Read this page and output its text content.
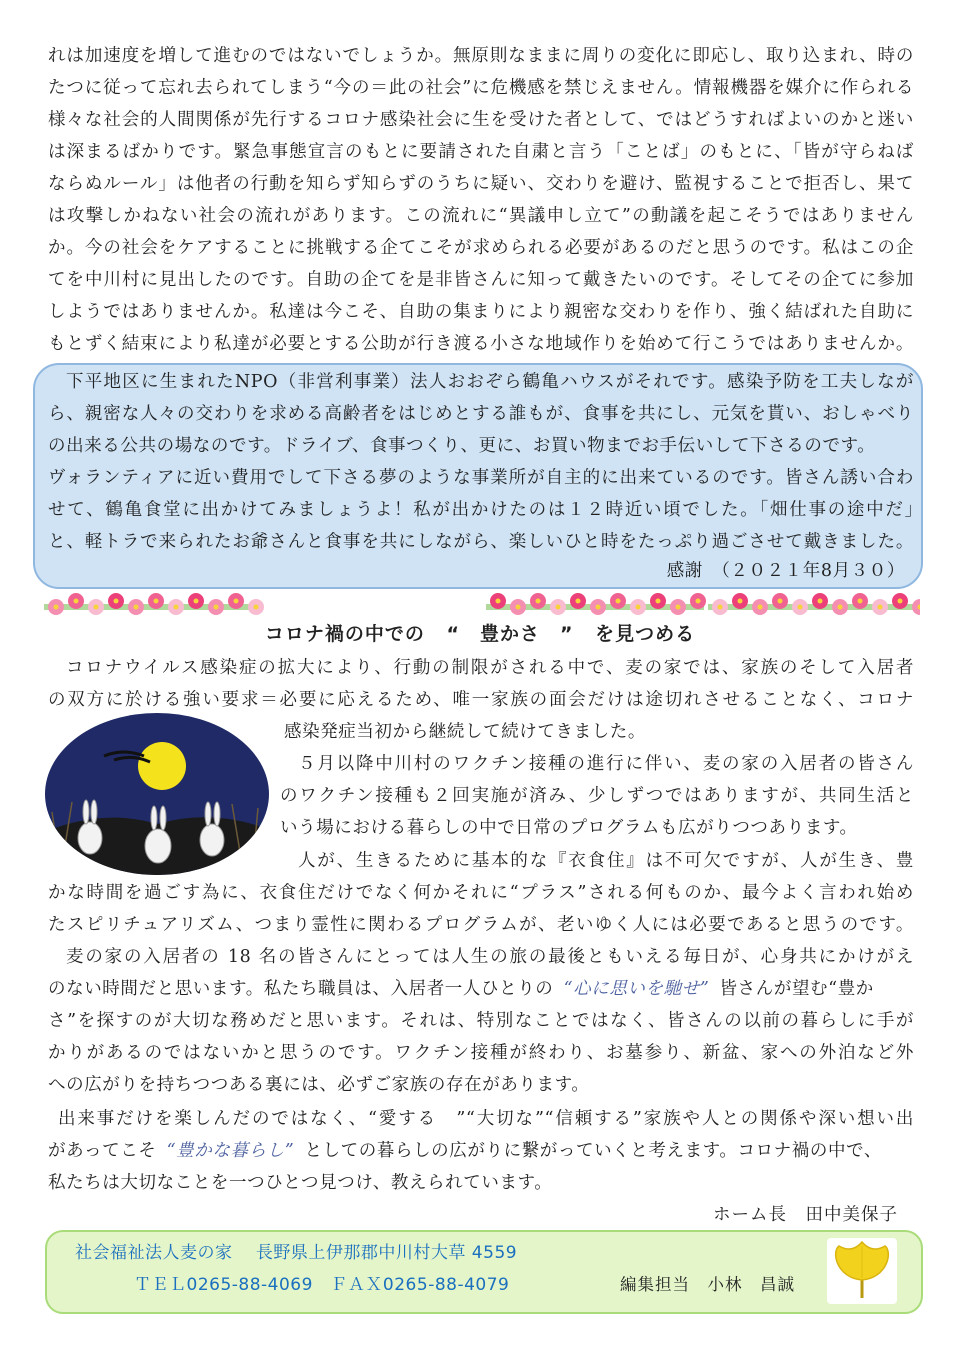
れは加速度を増して進むのではないでしょうか。無原則なままに周りの変化に即応し、取り込まれ、時の
たつに従って忘れ去られてしまう“今の＝此の社会”に危機感を禁じえません。情報機器を媒介に作られる
様々な社会的人間関係が先行するコロナ感染社会に生を受けた者として、ではどうすればよいのかと迷い
は深まるばかりです。緊急事態宣言のもとに要請された自粛と言う「ことば」のもとに、「皆が守らねば
ならぬルール」は他者の行動を知らず知らずのうちに疑い、交わりを避け、監視することで拒否し、果て
は攻撃しかねない社会の流れがあります。この流れに“異議申し立て”の動議を起こそうではありません
か。今の社会をケアすることに挑戦する企てこそが求められる必要があるのだと思うのです。私はこの企
てを中川村に見出したのです。自助の企てを是非皆さんに知って戴きたいのです。そしてその企てに参加
しようではありませんか。私達は今こそ、自助の集まりにより親密な交わりを作り、強く結ばれた自助に
もとずく結束により私達が必要とする公助が行き渡る小さな地域作りを始めて行こうではありませんか。
下平地区に生まれたNPO（非営利事業）法人おおぞら鶴亀ハウスがそれです。感染予防を工夫しなが
ら、親密な人々の交わりを求める高齢者をはじめとする誰もが、食事を共にし、元気を貰い、おしゃべり
の出来る公共の場なのです。ドライブ、食事つくり、更に、お買い物までお手伝いして下さるのです。
ヴォランティアに近い費用でして下さる夢のような事業所が自主的に出来ているのです。皆さん誘い合わ
せて、鶴亀食堂に出かけてみましょうよ！私が出かけたのは１２時近い頃でした。｢畑仕事の途中だ｣
と、軽トラで来られたお爺さんと食事を共にしながら、楽しいひと時をたっぷり過ごさせて戴きました。
感謝　（２０２１年8月３０）
コロナ禍の中での “　豊かさ　” を見つめる
コロナウイルス感染症の拡大により、行動の制限がされる中で、麦の家では、家族のそして入居者
の双方に於ける強い要求＝必要に応えるため、唯一家族の面会だけは途切れさせることなく、コロナ
感染発症当初から継続して続けてきました。
５月以降中川村のワクチン接種の進行に伴い、麦の家の入居者の皆さん
のワクチン接種も２回実施が済み、少しずつではありますが、共同生活と
いう場における暮らしの中で日常のプログラムも広がりつつあります。
人が、生きるために基本的な『衣食住』は不可欠ですが、人が生き、豊
かな時間を過ごす為に、衣食住だけでなく何かそれに“プラス”される何ものか、最今よく言われ始め
たスピリチュアリズム、つまり霊性に関わるプログラムが、老いゆく人には必要であると思うのです。
麦の家の入居者の 18 名の皆さんにとっては人生の旅の最後ともいえる毎日が、心身共にかけがえ
のない時間だと思います。私たち職員は、入居者一人ひとりの “心に思いを馳せ” 皆さんが望む“豊か
さ”を探すのが大切な務めだと思います。それは、特別なことではなく、皆さんの以前の暮らしに手が
かりがあるのではないかと思うのです。ワクチン接種が終わり、お墓参り、新盆、家への外泊など外
への広がりを持ちつつある裏には、必ずご家族の存在があります。
出来事だけを楽しんだのではなく、“愛する　”“大切な”“信頼する”家族や人との関係や深い想い出
があってこそ “豊かな暮らし” としての暮らしの広がりに繋がっていくと考えます。コロナ禍の中で、
私たちは大切なことを一つひとつ見つけ、教えられています。
ホーム長　田中美保子
社会福祉法人麦の家　 長野県上伊那郡中川村大草 4559
ＴＥＬ0265-88-4069　ＦＡＸ0265-88-4079	編集担当　小林　昌誠
